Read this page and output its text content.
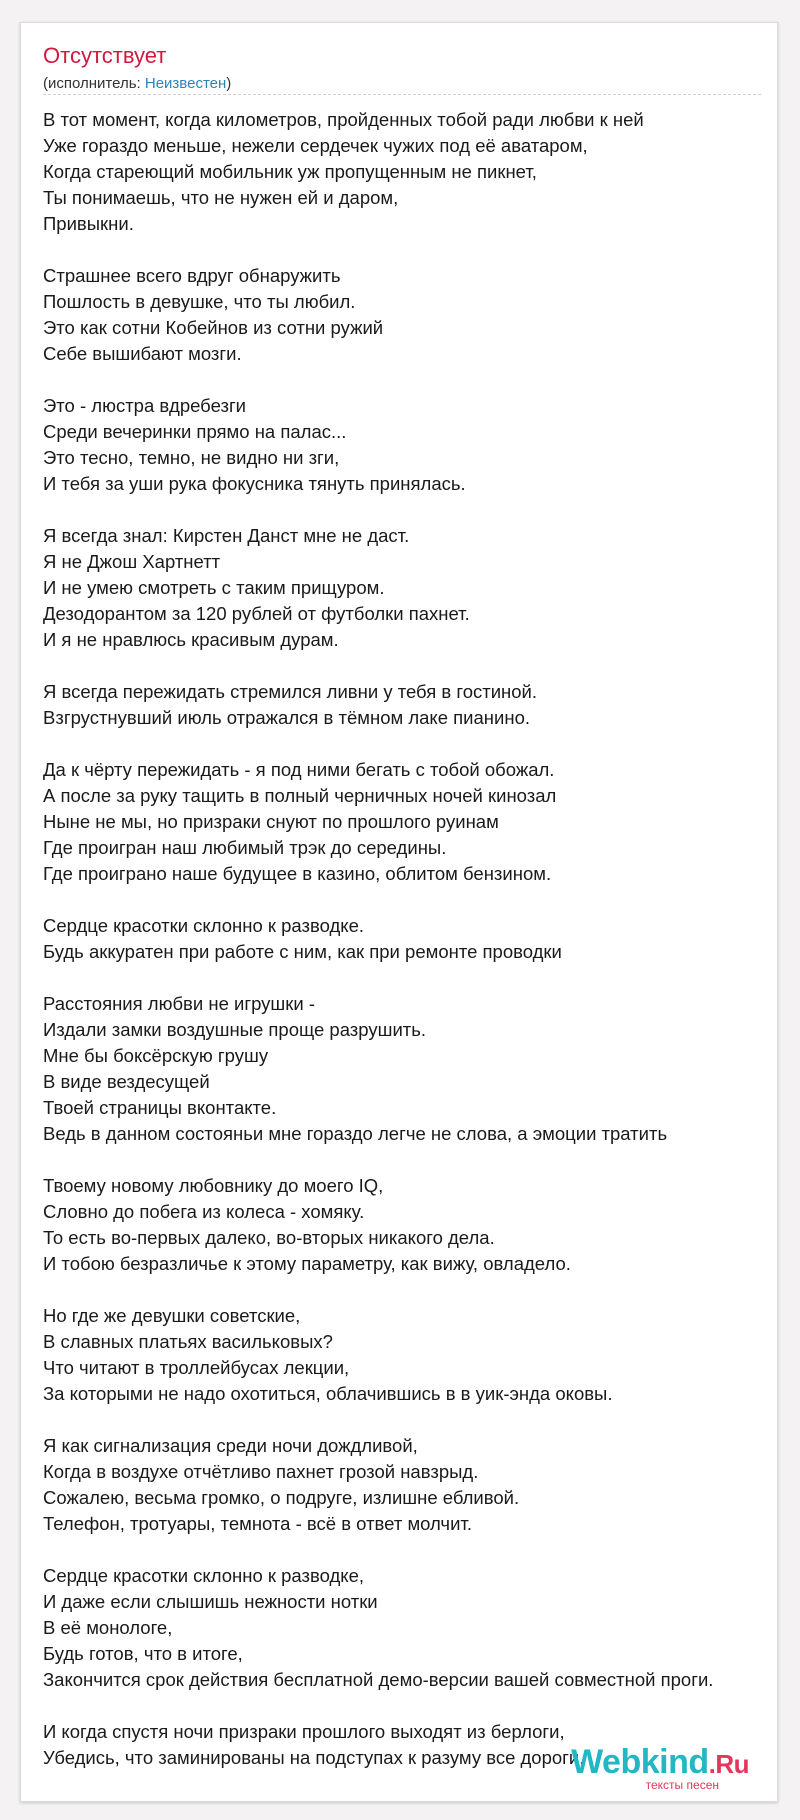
Отсутствует
(исполнитель: Неизвестен)
В тот момент, когда километров, пройденных тобой ради любви к ней
Уже гораздо меньше, нежели сердечек чужих под её аватаром,
Когда стареющий мобильник уж пропущенным не пикнет,
Ты понимаешь, что не нужен ей и даром,
Привыкни.
Страшнее всего вдруг обнаружить
Пошлость в девушке, что ты любил.
Это как сотни Кобейнов из сотни ружий
Себе вышибают мозги.
Это - люстра вдребезги
Среди вечеринки прямо на палас...
Это тесно, темно, не видно ни зги,
И тебя за уши рука фокусника тянуть принялась.
Я всегда знал: Кирстен Данст мне не даст.
Я не Джош Хартнетт
И не умею смотреть с таким прищуром.
Дезодорантом за 120 рублей от футболки пахнет.
И я не нравлюсь красивым дурам.
Я всегда пережидать стремился ливни у тебя в гостиной.
Взгрустнувший июль отражался в тёмном лаке пианино.
Да к чёрту пережидать - я под ними бегать с тобой обожал.
А после за руку тащить в полный черничных ночей кинозал
Ныне не мы, но призраки снуют по прошлого руинам
Где проигран наш любимый трэк до середины.
Где проиграно наше будущее в казино, облитом бензином.
Сердце красотки склонно к разводке.
Будь аккуратен при работе с ним, как при ремонте проводки
Расстояния любви не игрушки -
Издали замки воздушные проще разрушить.
Мне бы боксёрскую грушу
В виде вездесущей
Твоей страницы вконтакте.
Ведь в данном состояньи мне гораздо легче не слова, а эмоции тратить
Твоему новому любовнику до моего IQ,
Словно до побега из колеса - хомяку.
То есть во-первых далеко, во-вторых никакого дела.
И тобою безразличье к этому параметру, как вижу, овладело.
Но где же девушки советские,
В славных платьях васильковых?
Что читают в троллейбусах лекции,
За которыми не надо охотиться, облачившись в в уик-энда оковы.
Я как сигнализация среди ночи дождливой,
Когда в воздухе отчётливо пахнет грозой навзрыд.
Сожалею, весьма громко, о подруге, излишне ебливой.
Телефон, тротуары, темнота - всё в ответ молчит.
Сердце красотки склонно к разводке,
И даже если слышишь нежности нотки
В её монологе,
Будь готов, что в итоге,
Закончится срок действия бесплатной демо-версии вашей совместной проги.
И когда спустя ночи призраки прошлого выходят из берлоги,
Убедись, что заминированы на подступах к разуму все дороги.
Webkind.Ru
тексты песен
